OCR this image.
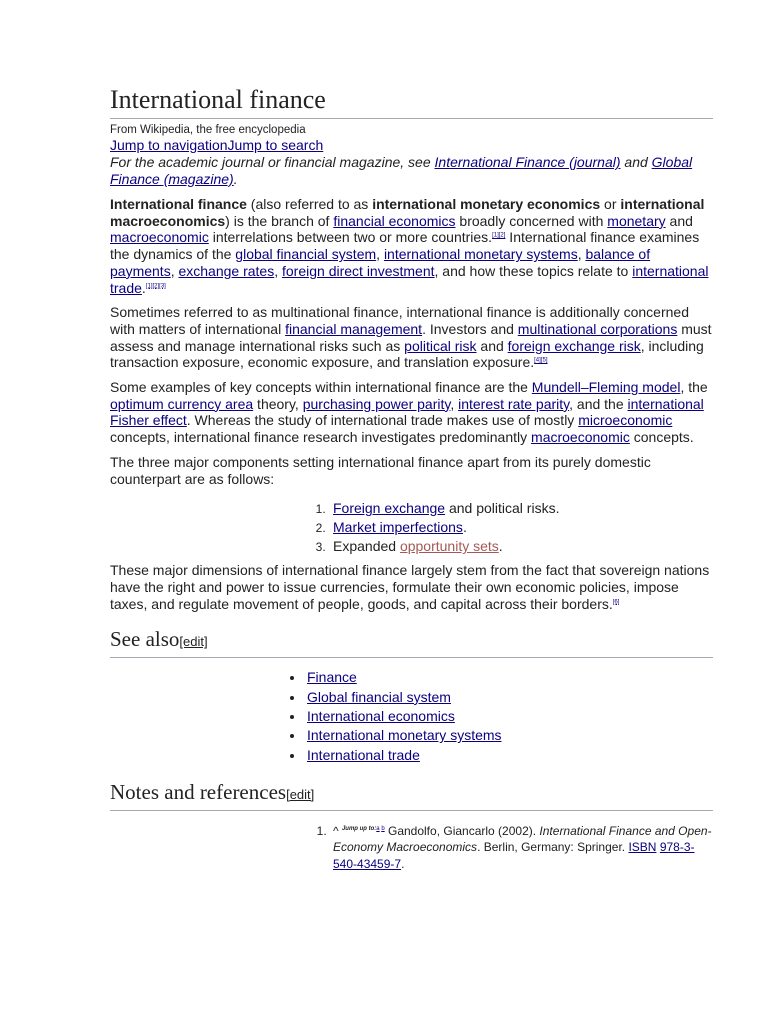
International finance
From Wikipedia, the free encyclopedia
Jump to navigationJump to search
For the academic journal or financial magazine, see International Finance (journal) and Global Finance (magazine).

International finance (also referred to as international monetary economics or international macroeconomics) is the branch of financial economics broadly concerned with monetary and macroeconomic interrelations between two or more countries.[1][2] International finance examines the dynamics of the global financial system, international monetary systems, balance of payments, exchange rates, foreign direct investment, and how these topics relate to international trade.[1][2][3]

Sometimes referred to as multinational finance, international finance is additionally concerned with matters of international financial management. Investors and multinational corporations must assess and manage international risks such as political risk and foreign exchange risk, including transaction exposure, economic exposure, and translation exposure.[4][5]

Some examples of key concepts within international finance are the Mundell–Fleming model, the optimum currency area theory, purchasing power parity, interest rate parity, and the international Fisher effect. Whereas the study of international trade makes use of mostly microeconomic concepts, international finance research investigates predominantly macroeconomic concepts.

The three major components setting international finance apart from its purely domestic counterpart are as follows:

1. Foreign exchange and political risks.
2. Market imperfections.
3. Expanded opportunity sets.

These major dimensions of international finance largely stem from the fact that sovereign nations have the right and power to issue currencies, formulate their own economic policies, impose taxes, and regulate movement of people, goods, and capital across their borders.[6]

See also[edit]
• Finance
• Global financial system
• International economics
• International monetary systems
• International trade
Notes and references[edit]
1. ^ $^{Jump up to:a b}$ Gandolfo, Giancarlo (2002). International Finance and Open-Economy Macroeconomics. Berlin, Germany: Springer. ISBN 978-3-540-43459-7.
